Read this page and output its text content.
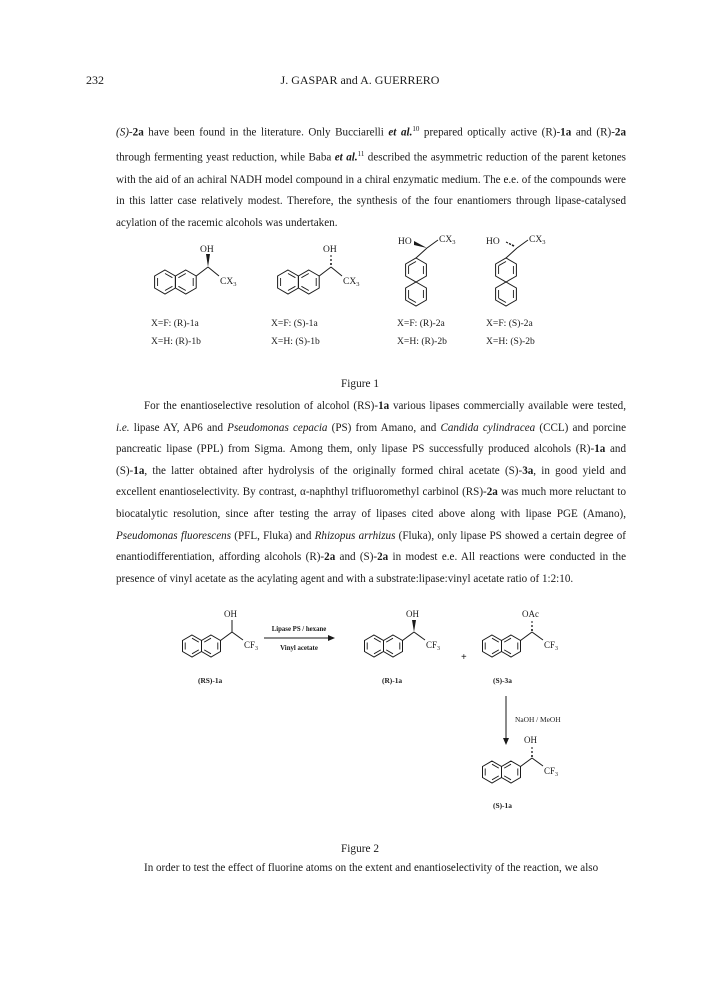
232	J. GASPAR and A. GUERRERO

(S)-2a have been found in the literature. Only Bucciarelli et al.$^{10}$ prepared optically active (R)-1a and (R)-2a through fermenting yeast reduction, while Baba et al.$^{11}$ described the asymmetric reduction of the parent ketones with the aid of an achiral NADH model compound in a chiral enzymatic medium. The e.e. of the compounds were in this latter case relatively modest. Therefore, the synthesis of the four enantiomers through lipase-catalysed acylation of the racemic alcohols was undertaken.

OH
$CX_3$
OH
$CX_3$
HO	$CX_3$	HO	$CX_3$
X=F: (R)-1a
X=H: (R)-1b
X=F: (S)-1a
X=H: (S)-1b
X=F: (R)-2a
X=H: (R)-2b
X=F: (S)-2a
X=H: (S)-2b
Figure 1

For the enantioselective resolution of alcohol (RS)-1a various lipases commercially available were tested, i.e. lipase AY, AP6 and Pseudomonas cepacia (PS) from Amano, and Candida cylindracea (CCL) and porcine pancreatic lipase (PPL) from Sigma. Among them, only lipase PS successfully produced alcohols (R)-1a and (S)-1a, the latter obtained after hydrolysis of the originally formed chiral acetate (S)-3a, in good yield and excellent enantioselectivity. By contrast, α-naphthyl trifluoromethyl carbinol (RS)-2a was much more reluctant to biocatalytic resolution, since after testing the array of lipases cited above along with lipase PGE (Amano), Pseudomonas fluorescens (PFL, Fluka) and Rhizopus arrhizus (Fluka), only lipase PS showed a certain degree of enantiodifferentiation, affording alcohols (R)-2a and (S)-2a in modest e.e. All reactions were conducted in the presence of vinyl acetate as the acylating agent and with a substrate:lipase:vinyl acetate ratio of 1:2:10.

OH
$CF_3$
Lipase PS / hexane
Vinyl acetate
OH
$CF_3$
+
OAc
$CF_3$
NaOH / MeOH
OH
$CF_3$
(RS)-1a	(R)-1a	(S)-3a
(S)-1a
Figure 2

In order to test the effect of fluorine atoms on the extent and enantioselectivity of the reaction, we also
